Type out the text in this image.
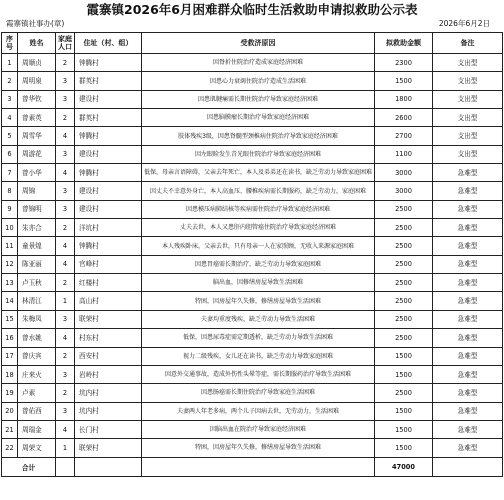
霞寨镇2026年6月困难群众临时生活救助申请拟救助公示表
霞寨镇社事办(章)	2026年6月2日
序号	姓名	家庭人口	住址（村、组）	受救济原因	拟救助金额	备注
1	周顺贞	2	钟腾村	因脊折住院治疗造成家庭经济困难	2300	支出型
2	周明泉	3	群英村	因患心力衰竭住院治疗造成生活困难	1500	支出型
3	曾华钦	3	建设村	因患肌腱痛需长期住院治疗导致家庭经济困难	1800	支出型
4	曾素英	2	群英村	因患脑膜瘤长期治疗导致家庭经济困难	2600	支出型
5	周雪华	4	钟腾村	肢体残疾3级，因患脊髓型颈椎病住院治疗导致家庭经济困难	2700	支出型
6	周游花	3	建设村	因左眼睑发生青光眼住院治疗导致家庭经济困难	1100	支出型
7	曾小华	4	钟腾村	低保，母亲言语障碍，父亲去年死亡，本人及弟弟还在读书，缺乏劳动力导致家庭困难	3000	急难型
8	周锦	3	建设村	因丈夫不幸意外身亡，本人高血压、腰椎疾病需长期服药，缺乏劳动力，家庭困难	3000	急难型
9	曾锦明	3	建设村	因患模压病肺结核等疾病需住院治疗导致家庭经济困难	2500	急难型
10	朱亦合	2	洋坑村	丈夫去世，本人又患肝内胆管癌住院治疗导致家庭经济困难	2500	急难型
11	童景煌	4	钟腾村	本人残疾卧床，父亲去世，只有母亲一人在家照顾，无收入来源家庭困难	2500	急难型
12	陈亚丽	4	官峰村	因患胃癌需长期治疗，缺乏劳动力导致家庭困难	2500	急难型
13	卢玉秋	2	红楼村	脑出血，因修缮房屋导致生活困难	2500	急难型
14	林清江	1	高山村	特困，因房屋年久失修，修缮房屋导致生活困难	2500	急难型
15	朱梅凤	3	联荣村	夫妻均重度残疾，缺乏劳动力导致生活困难	2500	急难型
16	曾水姚	4	村东村	低保，因患尿毒症需定期透析，缺乏劳动力导致生活困难	2500	急难型
17	曾庆宾	2	西安村	视力二级残疾，女儿还在读书，缺乏劳动力导致家庭困难	1500	急难型
18	庄来火	3	岩岭村	因意外交通事故，造成外伤性头晕等症，需长期服药治疗导致生活困难	1500	急难型
19	卢素	2	坑内村	因患肠癌需长期住院治疗导致家庭生活困难	2500	急难型
20	曾佑西	3	坑内村	夫妻两人年老多病，两个儿子因病去世，无劳动力，生活困难	1500	急难型
21	周瑞金	4	长门村	因脑出血在院治疗导致家庭经济困难	1500	急难型
22	周荣文	1	联荣村	特困，因房屋年久失修，修缮房屋导致生活困难	1500	急难型
合计					47000	
